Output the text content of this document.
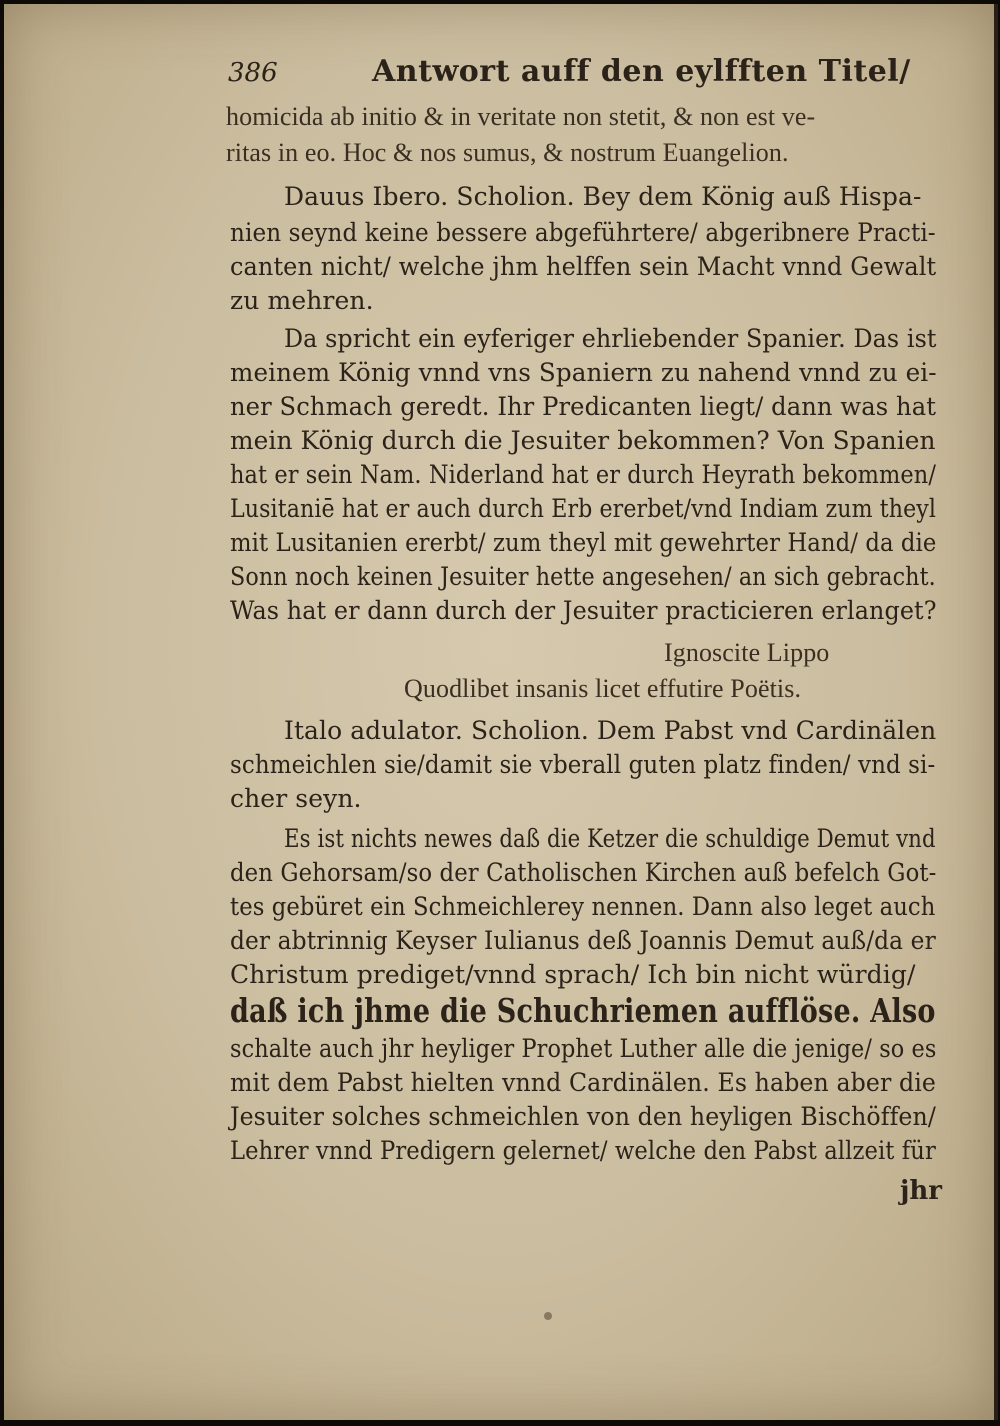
386	Antwort auff den eylfften Titel/
homicida ab initio & in veritate non stetit, & non est ve-
ritas in eo. Hoc & nos sumus, & nostrum Euangelion.
Dauus Ibero. Scholion. Bey dem König auß Hispa-
nien seynd keine bessere abgeführtere/ abgeribnere Practi-
canten nicht/ welche jhm helffen sein Macht vnnd Gewalt
zu mehren.
Da spricht ein eyferiger ehrliebender Spanier. Das ist
meinem König vnnd vns Spaniern zu nahend vnnd zu ei-
ner Schmach geredt. Ihr Predicanten liegt/ dann was hat
mein König durch die Jesuiter bekommen? Von Spanien
hat er sein Nam. Niderland hat er durch Heyrath bekommen/
Lusitaniē hat er auch durch Erb ererbet/vnd Indiam zum theyl
mit Lusitanien ererbt/ zum theyl mit gewehrter Hand/ da die
Sonn noch keinen Jesuiter hette angesehen/ an sich gebracht.
Was hat er dann durch der Jesuiter practicieren erlanget?
Ignoscite Lippo
Quodlibet insanis licet effutire Poëtis.
Italo adulator. Scholion. Dem Pabst vnd Cardinälen
schmeichlen sie/damit sie vberall guten platz finden/ vnd si-
cher seyn.
Es ist nichts newes daß die Ketzer die schuldige Demut vnd
den Gehorsam/so der Catholischen Kirchen auß befelch Got-
tes gebüret ein Schmeichlerey nennen. Dann also leget auch
der abtrinnig Keyser Iulianus deß Joannis Demut auß/da er
Christum prediget/vnnd sprach/ Ich bin nicht würdig/
daß ich jhme die Schuchriemen aufflöse. Also
schalte auch jhr heyliger Prophet Luther alle die jenige/ so es
mit dem Pabst hielten vnnd Cardinälen. Es haben aber die
Jesuiter solches schmeichlen von den heyligen Bischöffen/
Lehrer vnnd Predigern gelernet/ welche den Pabst allzeit für
jhr
